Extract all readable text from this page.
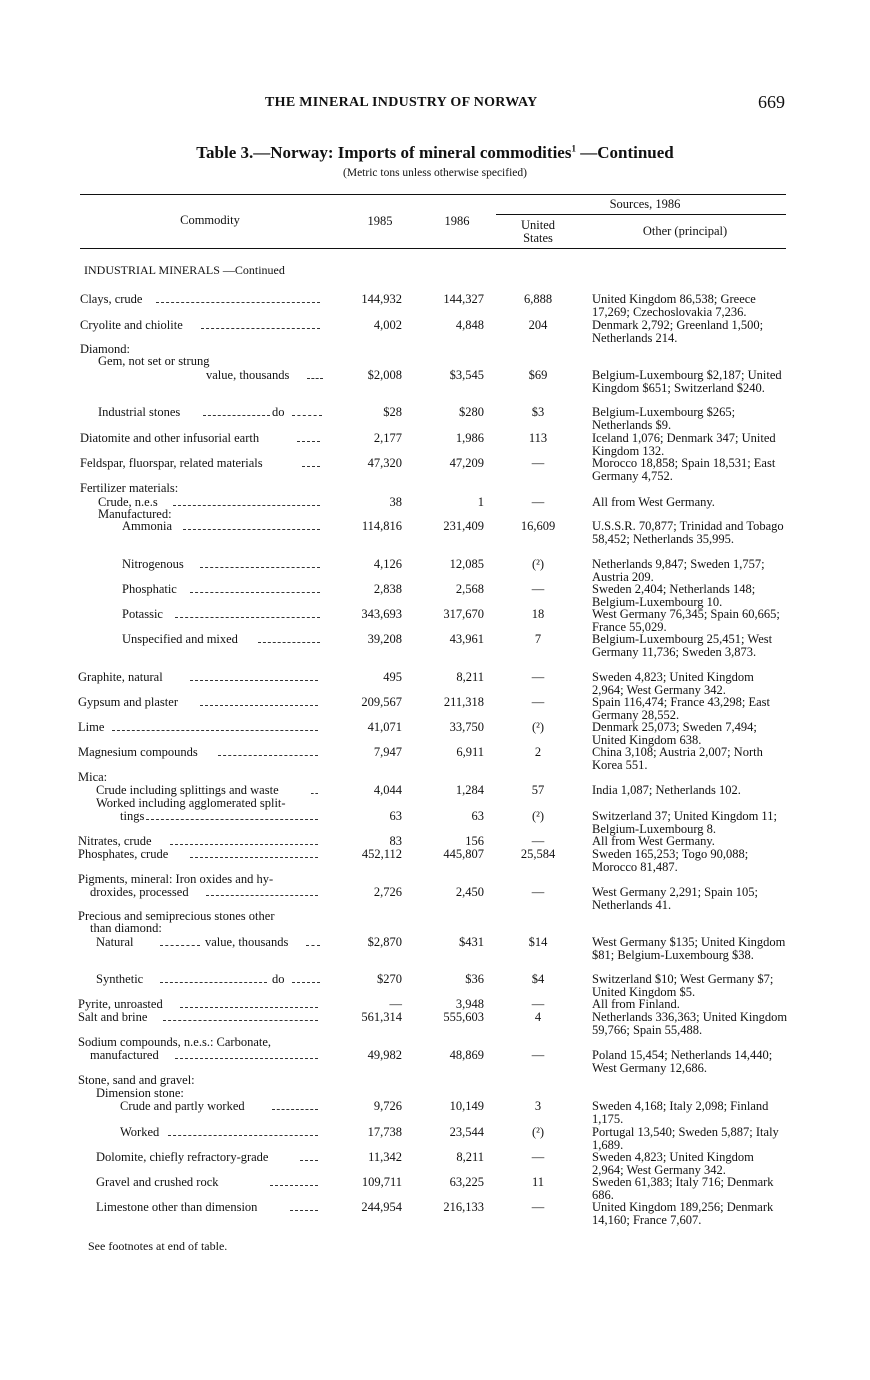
THE MINERAL INDUSTRY OF NORWAY	669
Table 3.—Norway: Imports of mineral commodities$^1$ —Continued
(Metric tons unless otherwise specified)
Commodity	1985	1986
Sources, 1986
United States	Other (principal)
INDUSTRIAL MINERALS —Continued
Clays, crude	144,932	144,327	6,888	United Kingdom 86,538; Greece 17,269; Czechoslovakia 7,236.
Cryolite and chiolite	4,002	4,848	204	Denmark 2,792; Greenland 1,500; Netherlands 214.
Diamond:
Gem, not set or strung
value, thousands	$2,008	$3,545	$69	Belgium-Luxembourg $2,187; United Kingdom $651; Switzerland $240.
Industrial stones	do	$28	$280	$3	Belgium-Luxembourg $265; Netherlands $9.
Diatomite and other infusorial earth	2,177	1,986	113	Iceland 1,076; Denmark 347; United Kingdom 132.
Feldspar, fluorspar, related materials	47,320	47,209	—	Morocco 18,858; Spain 18,531; East Germany 4,752.
Fertilizer materials:
Crude, n.e.s	38	1	—	All from West Germany.
Manufactured:
Ammonia	114,816	231,409	16,609	U.S.S.R. 70,877; Trinidad and Tobago 58,452; Netherlands 35,995.
Nitrogenous	4,126	12,085	(²)	Netherlands 9,847; Sweden 1,757; Austria 209.
Phosphatic	2,838	2,568	—	Sweden 2,404; Netherlands 148; Belgium-Luxembourg 10.
Potassic	343,693	317,670	18	West Germany 76,345; Spain 60,665; France 55,029.
Unspecified and mixed	39,208	43,961	7	Belgium-Luxembourg 25,451; West Germany 11,736; Sweden 3,873.
Graphite, natural	495	8,211	—	Sweden 4,823; United Kingdom 2,964; West Germany 342.
Gypsum and plaster	209,567	211,318	—	Spain 116,474; France 43,298; East Germany 28,552.
Lime	41,071	33,750	(²)	Denmark 25,073; Sweden 7,494; United Kingdom 638.
Magnesium compounds	7,947	6,911	2	China 3,108; Austria 2,007; North Korea 551.
Mica:
Crude including splittings and waste	4,044	1,284	57	India 1,087; Netherlands 102.
Worked including agglomerated split-
tings	63	63	(²)	Switzerland 37; United Kingdom 11; Belgium-Luxembourg 8.
Nitrates, crude	83	156	—	All from West Germany.
Phosphates, crude	452,112	445,807	25,584	Sweden 165,253; Togo 90,088; Morocco 81,487.
Pigments, mineral: Iron oxides and hy-
droxides, processed	2,726	2,450	—	West Germany 2,291; Spain 105; Netherlands 41.
Precious and semiprecious stones other
than diamond:
Natural	value, thousands	$2,870	$431	$14	West Germany $135; United Kingdom $81; Belgium-Luxembourg $38.
Synthetic	do	$270	$36	$4	Switzerland $10; West Germany $7; United Kingdom $5.
Pyrite, unroasted	—	3,948	—	All from Finland.
Salt and brine	561,314	555,603	4	Netherlands 336,363; United Kingdom 59,766; Spain 55,488.
Sodium compounds, n.e.s.: Carbonate,
manufactured	49,982	48,869	—	Poland 15,454; Netherlands 14,440; West Germany 12,686.
Stone, sand and gravel:
Dimension stone:
Crude and partly worked	9,726	10,149	3	Sweden 4,168; Italy 2,098; Finland 1,175.
Worked	17,738	23,544	(²)	Portugal 13,540; Sweden 5,887; Italy 1,689.
Dolomite, chiefly refractory-grade	11,342	8,211	—	Sweden 4,823; United Kingdom 2,964; West Germany 342.
Gravel and crushed rock	109,711	63,225	11	Sweden 61,383; Italy 716; Denmark 686.
Limestone other than dimension	244,954	216,133	—	United Kingdom 189,256; Denmark 14,160; France 7,607.
See footnotes at end of table.
